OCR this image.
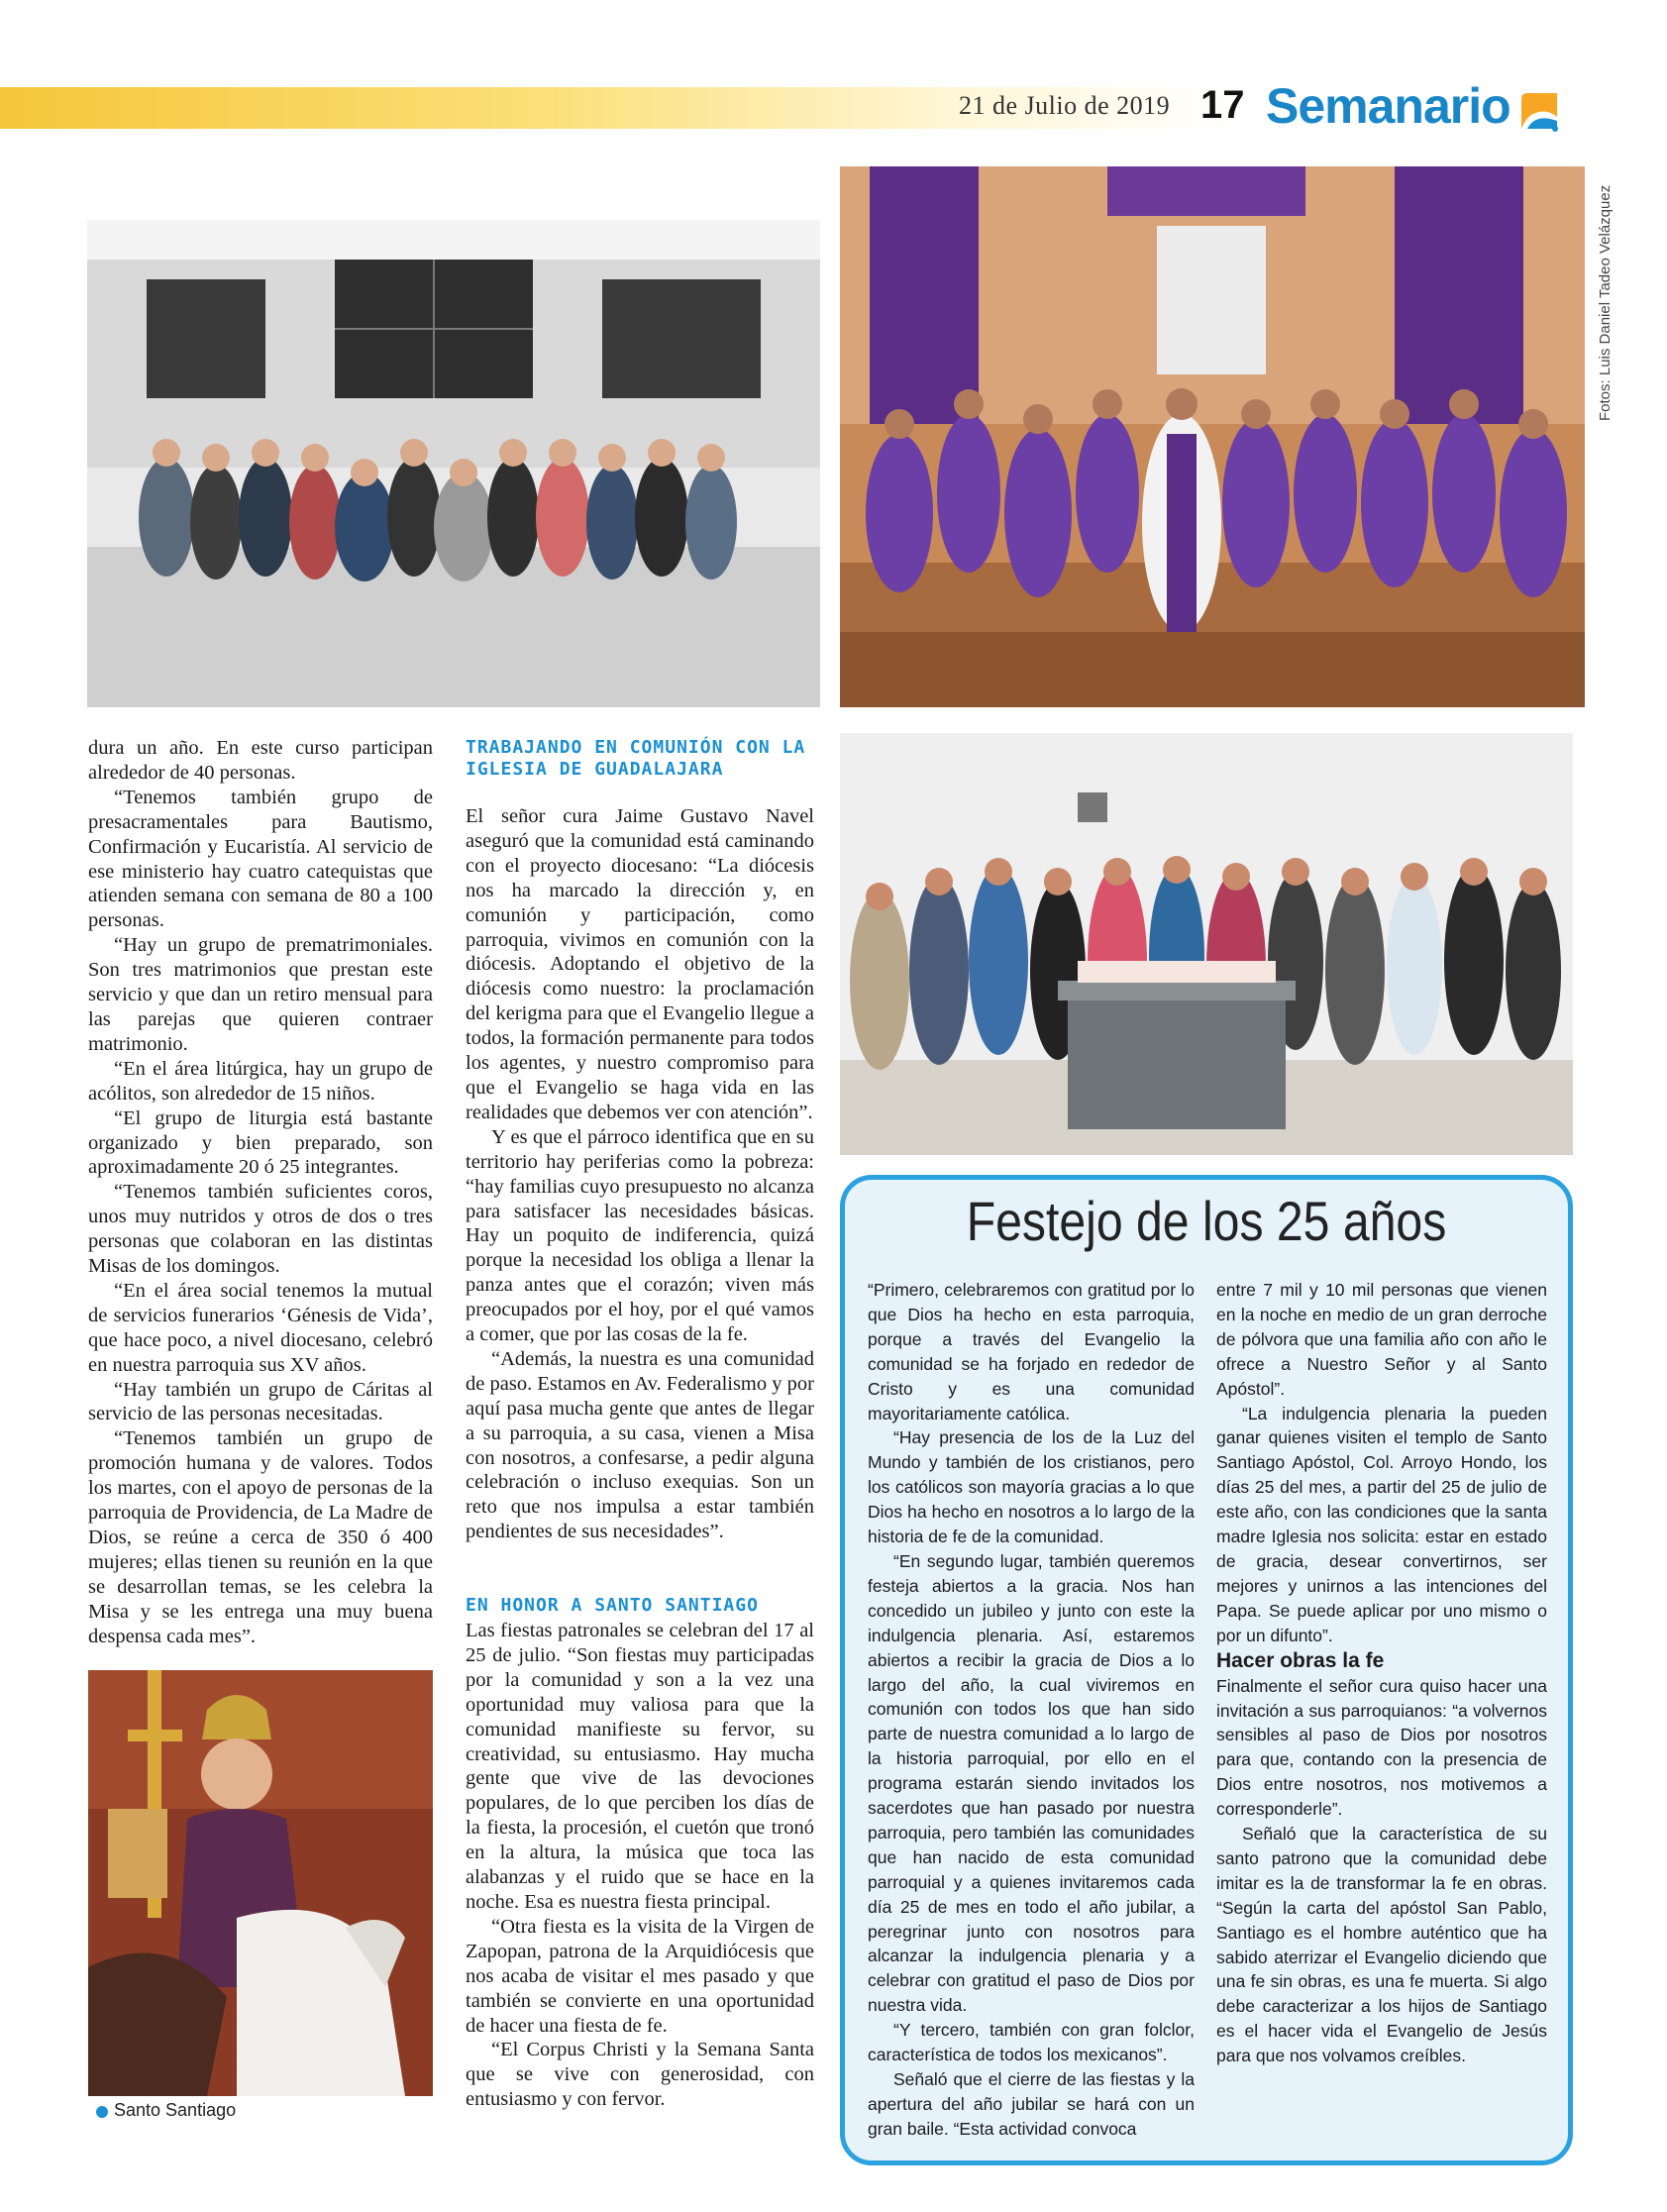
21 de Julio de 2019 17 Semanario
Fotos: Luis Daniel Tadeo Velázquez
Santo Santiago

dura un año. En este curso participan alrededor de 40 personas.

“Tenemos también grupo de presacramentales para Bautismo, Confirmación y Eucaristía. Al servicio de ese ministerio hay cuatro catequistas que atienden semana con semana de 80 a 100 personas.

“Hay un grupo de prematrimoniales. Son tres matrimonios que prestan este servicio y que dan un retiro mensual para las parejas que quieren contraer matrimonio.

“En el área litúrgica, hay un grupo de acólitos, son alrededor de 15 niños.

“El grupo de liturgia está bastante organizado y bien preparado, son aproximadamente 20 ó 25 integrantes.

“Tenemos también suficientes coros, unos muy nutridos y otros de dos o tres personas que colaboran en las distintas Misas de los domingos.

“En el área social tenemos la mutual de servicios funerarios ‘Génesis de Vida’, que hace poco, a nivel diocesano, celebró en nuestra parroquia sus XV años.

“Hay también un grupo de Cáritas al servicio de las personas necesitadas.

“Tenemos también un grupo de promoción humana y de valores. Todos los martes, con el apoyo de personas de la parroquia de Providencia, de La Madre de Dios, se reúne a cerca de 350 ó 400 mujeres; ellas tienen su reunión en la que se desarrollan temas, se les celebra la Misa y se les entrega una muy buena despensa cada mes”.

TRABAJANDO EN COMUNIÓN CON LA IGLESIA DE GUADALAJARA

El señor cura Jaime Gustavo Navel aseguró que la comunidad está caminando con el proyecto diocesano: “La diócesis nos ha marcado la dirección y, en comunión y participación, como parroquia, vivimos en comunión con la diócesis. Adoptando el objetivo de la diócesis como nuestro: la proclamación del kerigma para que el Evangelio llegue a todos, la formación permanente para todos los agentes, y nuestro compromiso para que el Evangelio se haga vida en las realidades que debemos ver con atención”.

Y es que el párroco identifica que en su territorio hay periferias como la pobreza: “hay familias cuyo presupuesto no alcanza para satisfacer las necesidades básicas. Hay un poquito de indiferencia, quizá porque la necesidad los obliga a llenar la panza antes que el corazón; viven más preocupados por el hoy, por el qué vamos a comer, que por las cosas de la fe.

“Además, la nuestra es una comunidad de paso. Estamos en Av. Federalismo y por aquí pasa mucha gente que antes de llegar a su parroquia, a su casa, vienen a Misa con nosotros, a confesarse, a pedir alguna celebración o incluso exequias. Son un reto que nos impulsa a estar también pendientes de sus necesidades”.

EN HONOR A SANTO SANTIAGO

Las fiestas patronales se celebran del 17 al 25 de julio. “Son fiestas muy participadas por la comunidad y son a la vez una oportunidad muy valiosa para que la comunidad manifieste su fervor, su creatividad, su entusiasmo. Hay mucha gente que vive de las devociones populares, de lo que perciben los días de la fiesta, la procesión, el cuetón que tronó en la altura, la música que toca las alabanzas y el ruido que se hace en la noche. Esa es nuestra fiesta principal.

“Otra fiesta es la visita de la Virgen de Zapopan, patrona de la Arquidiócesis que nos acaba de visitar el mes pasado y que también se convierte en una oportunidad de hacer una fiesta de fe.

“El Corpus Christi y la Semana Santa que se vive con generosidad, con entusiasmo y con fervor.

Festejo de los 25 años

“Primero, celebraremos con gratitud por lo que Dios ha hecho en esta parroquia, porque a través del Evangelio la comunidad se ha forjado en rededor de Cristo y es una comunidad mayoritariamente católica.

“Hay presencia de los de la Luz del Mundo y también de los cristianos, pero los católicos son mayoría gracias a lo que Dios ha hecho en nosotros a lo largo de la historia de fe de la comunidad.

“En segundo lugar, también queremos festeja abiertos a la gracia. Nos han concedido un jubileo y junto con este la indulgencia plenaria. Así, estaremos abiertos a recibir la gracia de Dios a lo largo del año, la cual viviremos en comunión con todos los que han sido parte de nuestra comunidad a lo largo de la historia parroquial, por ello en el programa estarán siendo invitados los sacerdotes que han pasado por nuestra parroquia, pero también las comunidades que han nacido de esta comunidad parroquial y a quienes invitaremos cada día 25 de mes en todo el año jubilar, a peregrinar junto con nosotros para alcanzar la indulgencia plenaria y a celebrar con gratitud el paso de Dios por nuestra vida.

“Y tercero, también con gran folclor, característica de todos los mexicanos”.

Señaló que el cierre de las fiestas y la apertura del año jubilar se hará con un gran baile. “Esta actividad convoca

entre 7 mil y 10 mil personas que vienen en la noche en medio de un gran derroche de pólvora que una familia año con año le ofrece a Nuestro Señor y al Santo Apóstol”.

“La indulgencia plenaria la pueden ganar quienes visiten el templo de Santo Santiago Apóstol, Col. Arroyo Hondo, los días 25 del mes, a partir del 25 de julio de este año, con las condiciones que la santa madre Iglesia nos solicita: estar en estado de gracia, desear convertirnos, ser mejores y unirnos a las intenciones del Papa. Se puede aplicar por uno mismo o por un difunto”.

Hacer obras la fe

Finalmente el señor cura quiso hacer una invitación a sus parroquianos: “a volvernos sensibles al paso de Dios por nosotros para que, contando con la presencia de Dios entre nosotros, nos motivemos a corresponderle”.

Señaló que la característica de su santo patrono que la comunidad debe imitar es la de transformar la fe en obras. “Según la carta del apóstol San Pablo, Santiago es el hombre auténtico que ha sabido aterrizar el Evangelio diciendo que una fe sin obras, es una fe muerta. Si algo debe caracterizar a los hijos de Santiago es el hacer vida el Evangelio de Jesús para que nos volvamos creíbles.
